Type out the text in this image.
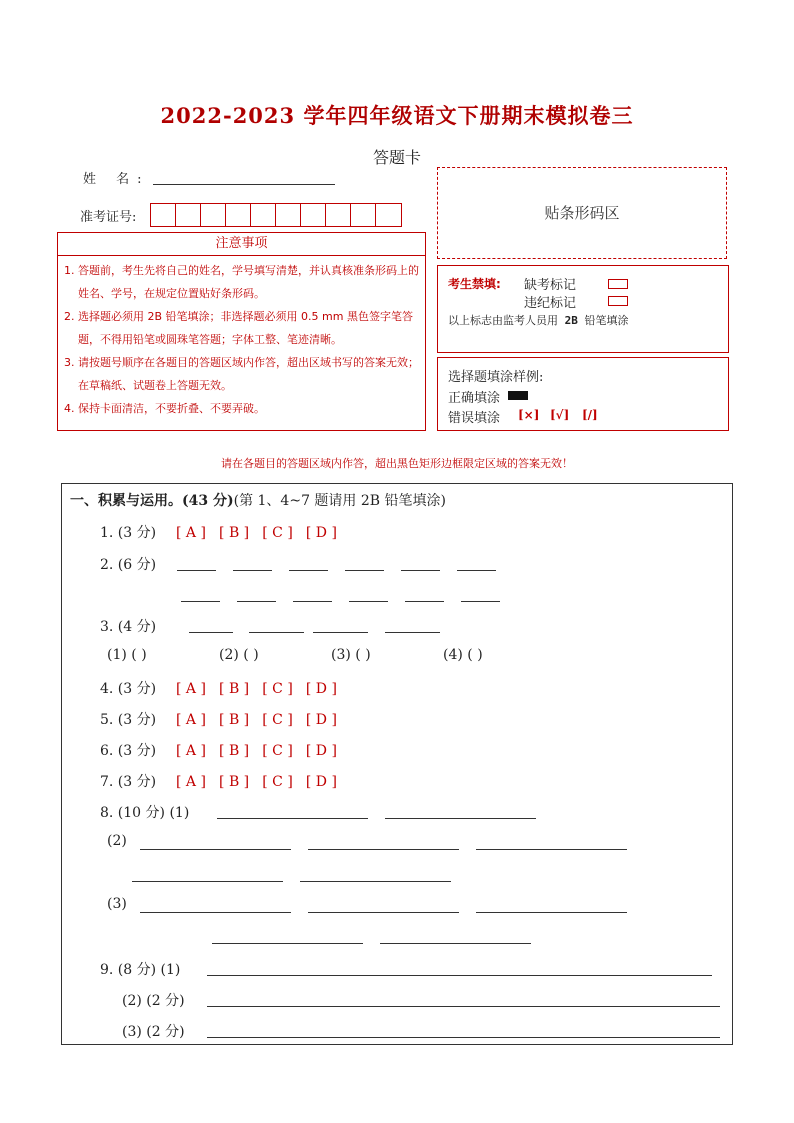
2022-2023 学年四年级语文下册期末模拟卷三
答题卡
姓 名:
准考证号:	贴条形码区
注意事项
1. 答题前，考生先将自己的姓名，学号填写清楚，并认真核准条形码上的姓名、学号，在规定位置贴好条形码。
2. 选择题必须用 2B 铅笔填涂；非选择题必须用 0.5 mm 黑色签字笔答题，不得用铅笔或圆珠笔答题；字体工整、笔迹清晰。
3. 请按题号顺序在各题目的答题区域内作答，超出区域书写的答案无效；在草稿纸、试题卷上答题无效。
4. 保持卡面清洁，不要折叠、不要弄破。
考生禁填: 缺考标记
违纪标记
以上标志由监考人员用 2B 铅笔填涂
选择题填涂样例:
正确填涂
错误填涂 [×] [√] [/]
请在各题目的答题区域内作答，超出黑色矩形边框限定区域的答案无效！
一、积累与运用。(43 分)(第 1、4~7 题请用 2B 铅笔填涂)
1. (3 分) [ A ] [ B ] [ C ] [ D ]
2. (6 分)
3. (4 分)
(1) ( )	(2) ( )	(3) ( )	(4) ( )
4. (3 分) [ A ] [ B ] [ C ] [ D ]
5. (3 分) [ A ] [ B ] [ C ] [ D ]
6. (3 分) [ A ] [ B ] [ C ] [ D ]
7. (3 分) [ A ] [ B ] [ C ] [ D ]
8. (10 分) (1)
(2)
(3)
9. (8 分) (1)
(2) (2 分)
(3) (2 分)
